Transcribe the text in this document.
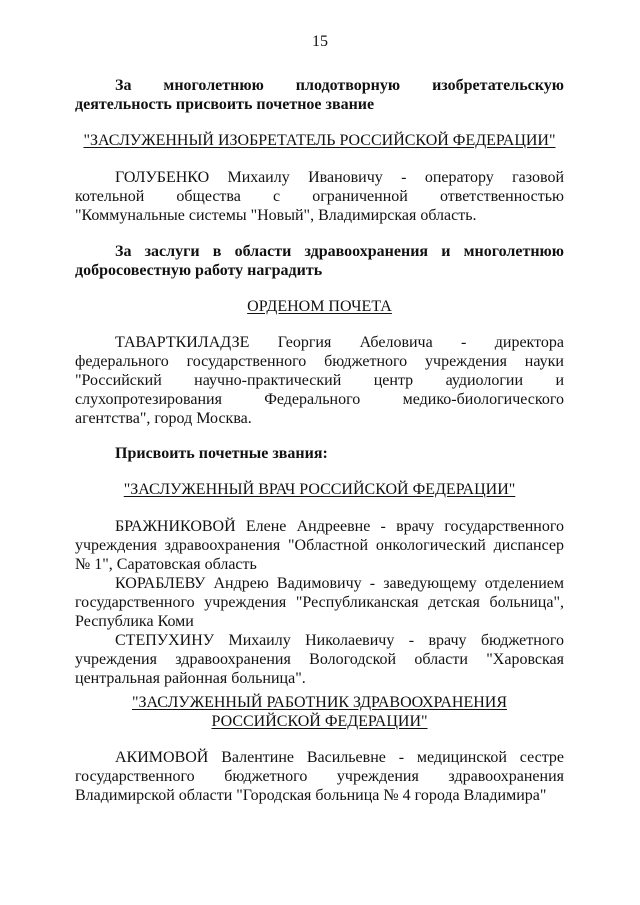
15
За многолетнюю плодотворную изобретательскую
деятельность присвоить почетное звание
"ЗАСЛУЖЕННЫЙ ИЗОБРЕТАТЕЛЬ РОССИЙСКОЙ ФЕДЕРАЦИИ"
ГОЛУБЕНКО Михаилу Ивановичу - оператору газовой
котельной общества с ограниченной ответственностью
"Коммунальные системы "Новый", Владимирская область.
За заслуги в области здравоохранения и многолетнюю
добросовестную работу наградить
ОРДЕНОМ ПОЧЕТА
ТАВАРТКИЛАДЗЕ Георгия Абеловича - директора
федерального государственного бюджетного учреждения науки
"Российский научно-практический центр аудиологии и
слухопротезирования Федерального медико-биологического
агентства", город Москва.
Присвоить почетные звания:
"ЗАСЛУЖЕННЫЙ ВРАЧ РОССИЙСКОЙ ФЕДЕРАЦИИ"
БРАЖНИКОВОЙ Елене Андреевне - врачу государственного
учреждения здравоохранения "Областной онкологический диспансер
№ 1", Саратовская область
КОРАБЛЕВУ Андрею Вадимовичу - заведующему отделением
государственного учреждения "Республиканская детская больница",
Республика Коми
СТЕПУХИНУ Михаилу Николаевичу - врачу бюджетного
учреждения здравоохранения Вологодской области "Харовская
центральная районная больница".
"ЗАСЛУЖЕННЫЙ РАБОТНИК ЗДРАВООХРАНЕНИЯ
РОССИЙСКОЙ ФЕДЕРАЦИИ"
АКИМОВОЙ Валентине Васильевне - медицинской сестре
государственного бюджетного учреждения здравоохранения
Владимирской области "Городская больница № 4 города Владимира"
